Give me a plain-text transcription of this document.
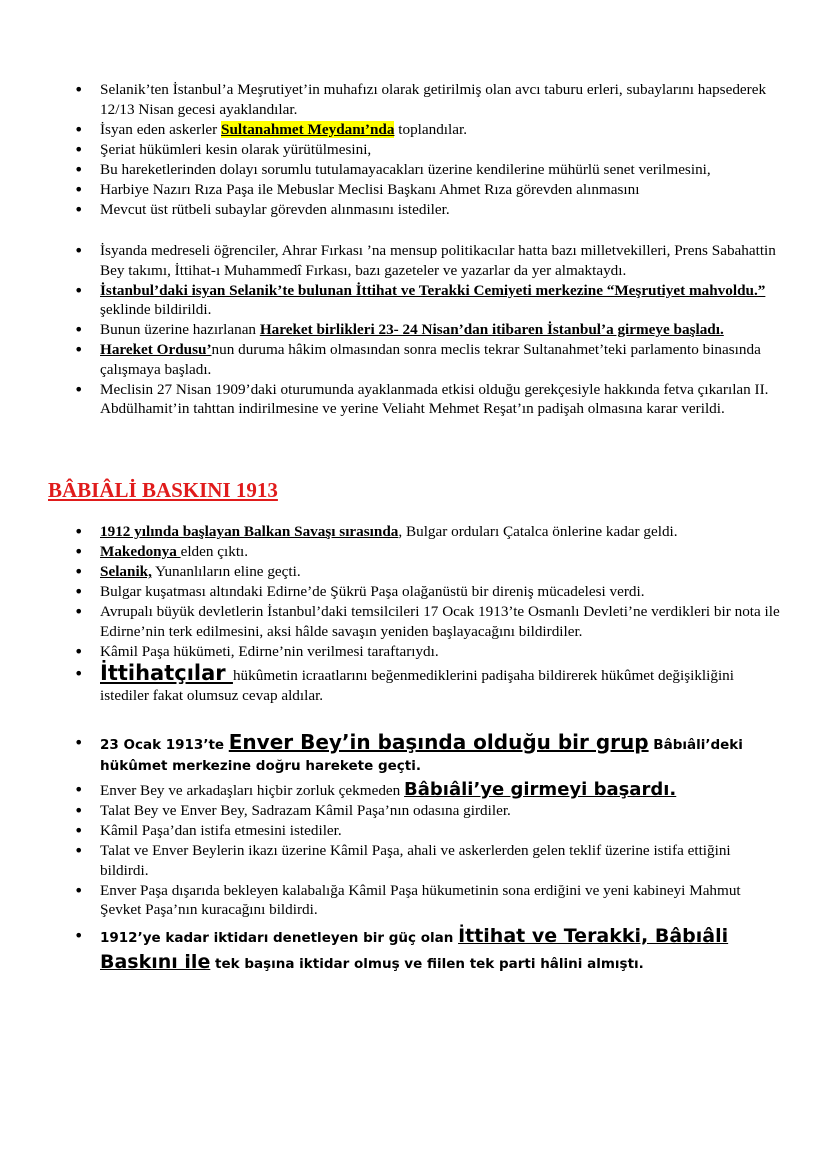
• Selanik’ten İstanbul’a Meşrutiyet’in muhafızı olarak getirilmiş olan avcı taburu erleri, subaylarını hapsederek 12/13 Nisan gecesi ayaklandılar.
• İsyan eden askerler Sultanahmet Meydanı’nda toplandılar.
• Şeriat hükümleri kesin olarak yürütülmesini,
• Bu hareketlerinden dolayı sorumlu tutulamayacakları üzerine kendilerine mühürlü senet verilmesini,
• Harbiye Nazırı Rıza Paşa ile Mebuslar Meclisi Başkanı Ahmet Rıza görevden alınmasını
• Mevcut üst rütbeli subaylar görevden alınmasını istediler.
• İsyanda medreseli öğrenciler, Ahrar Fırkası ’na mensup politikacılar hatta bazı milletvekilleri, Prens Sabahattin Bey takımı, İttihat-ı Muhammedî Fırkası, bazı gazeteler ve yazarlar da yer almaktaydı.
• İstanbul’daki isyan Selanik’te bulunan İttihat ve Terakki Cemiyeti merkezine “Meşrutiyet mahvoldu.” şeklinde bildirildi.
• Bunun üzerine hazırlanan Hareket birlikleri 23- 24 Nisan’dan itibaren İstanbul’a girmeye başladı.
• Hareket Ordusu’nun duruma hâkim olmasından sonra meclis tekrar Sultanahmet’teki parlamento binasında çalışmaya başladı.
• Meclisin 27 Nisan 1909’daki oturumunda ayaklanmada etkisi olduğu gerekçesiyle hakkında fetva çıkarılan II. Abdülhamit’in tahttan indirilmesine ve yerine Veliaht Mehmet Reşat’ın padişah olmasına karar verildi.
BÂBIÂLİ BASKINI 1913
• 1912 yılında başlayan Balkan Savaşı sırasında, Bulgar orduları Çatalca önlerine kadar geldi.
• Makedonya elden çıktı.
• Selanik, Yunanlıların eline geçti.
• Bulgar kuşatması altındaki Edirne’de Şükrü Paşa olağanüstü bir direniş mücadelesi verdi.
• Avrupalı büyük devletlerin İstanbul’daki temsilcileri 17 Ocak 1913’te Osmanlı Devleti’ne verdikleri bir nota ile Edirne’nin terk edilmesini, aksi hâlde savaşın yeniden başlayacağını bildirdiler.
• Kâmil Paşa hükümeti, Edirne’nin verilmesi taraftarıydı.
• İttihatçılar hükûmetin icraatlarını beğenmediklerini padişaha bildirerek hükûmet değişikliğini istediler fakat olumsuz cevap aldılar.
• 23 Ocak 1913’te Enver Bey’in başında olduğu bir grup Bâbıâli’deki hükûmet merkezine doğru harekete geçti.
• Enver Bey ve arkadaşları hiçbir zorluk çekmeden Bâbıâli’ye girmeyi başardı.
• Talat Bey ve Enver Bey, Sadrazam Kâmil Paşa’nın odasına girdiler.
• Kâmil Paşa’dan istifa etmesini istediler.
• Talat ve Enver Beylerin ikazı üzerine Kâmil Paşa, ahali ve askerlerden gelen teklif üzerine istifa ettiğini bildirdi.
• Enver Paşa dışarıda bekleyen kalabalığa Kâmil Paşa hükumetinin sona erdiğini ve yeni kabineyi Mahmut Şevket Paşa’nın kuracağını bildirdi.
• 1912’ye kadar iktidarı denetleyen bir güç olan İttihat ve Terakki, Bâbıâli Baskını ile tek başına iktidar olmuş ve fiilen tek parti hâlini almıştı.
